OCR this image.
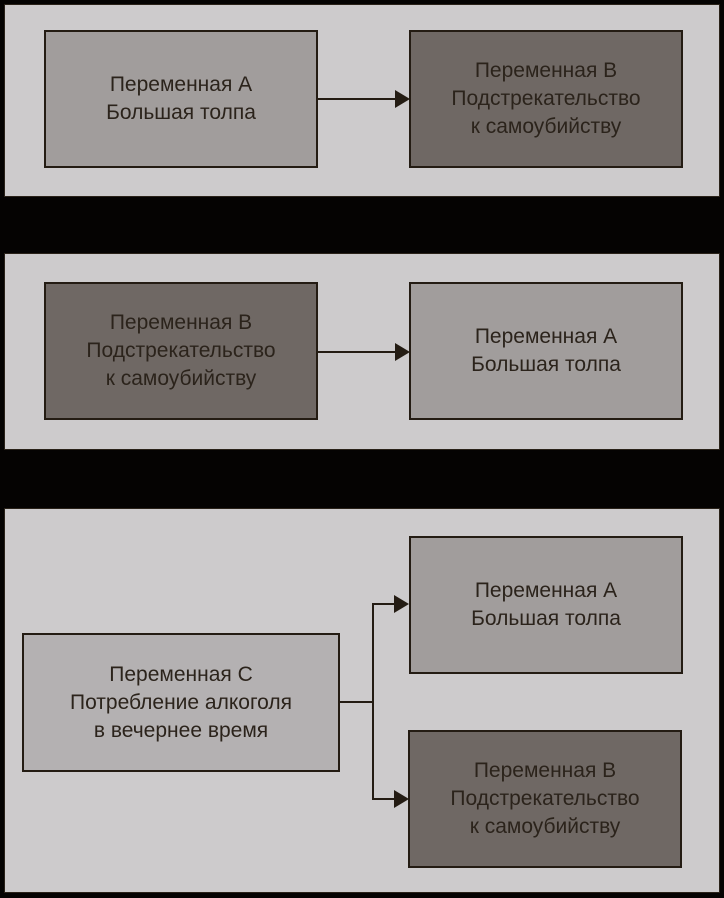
Переменная A
Большая толпа
Переменная B
Подстрекательство
к самоубийству
Переменная B
Подстрекательство
к самоубийству
Переменная A
Большая толпа
Переменная C
Потребление алкоголя
в вечернее время
Переменная A
Большая толпа
Переменная B
Подстрекательство
к самоубийству
